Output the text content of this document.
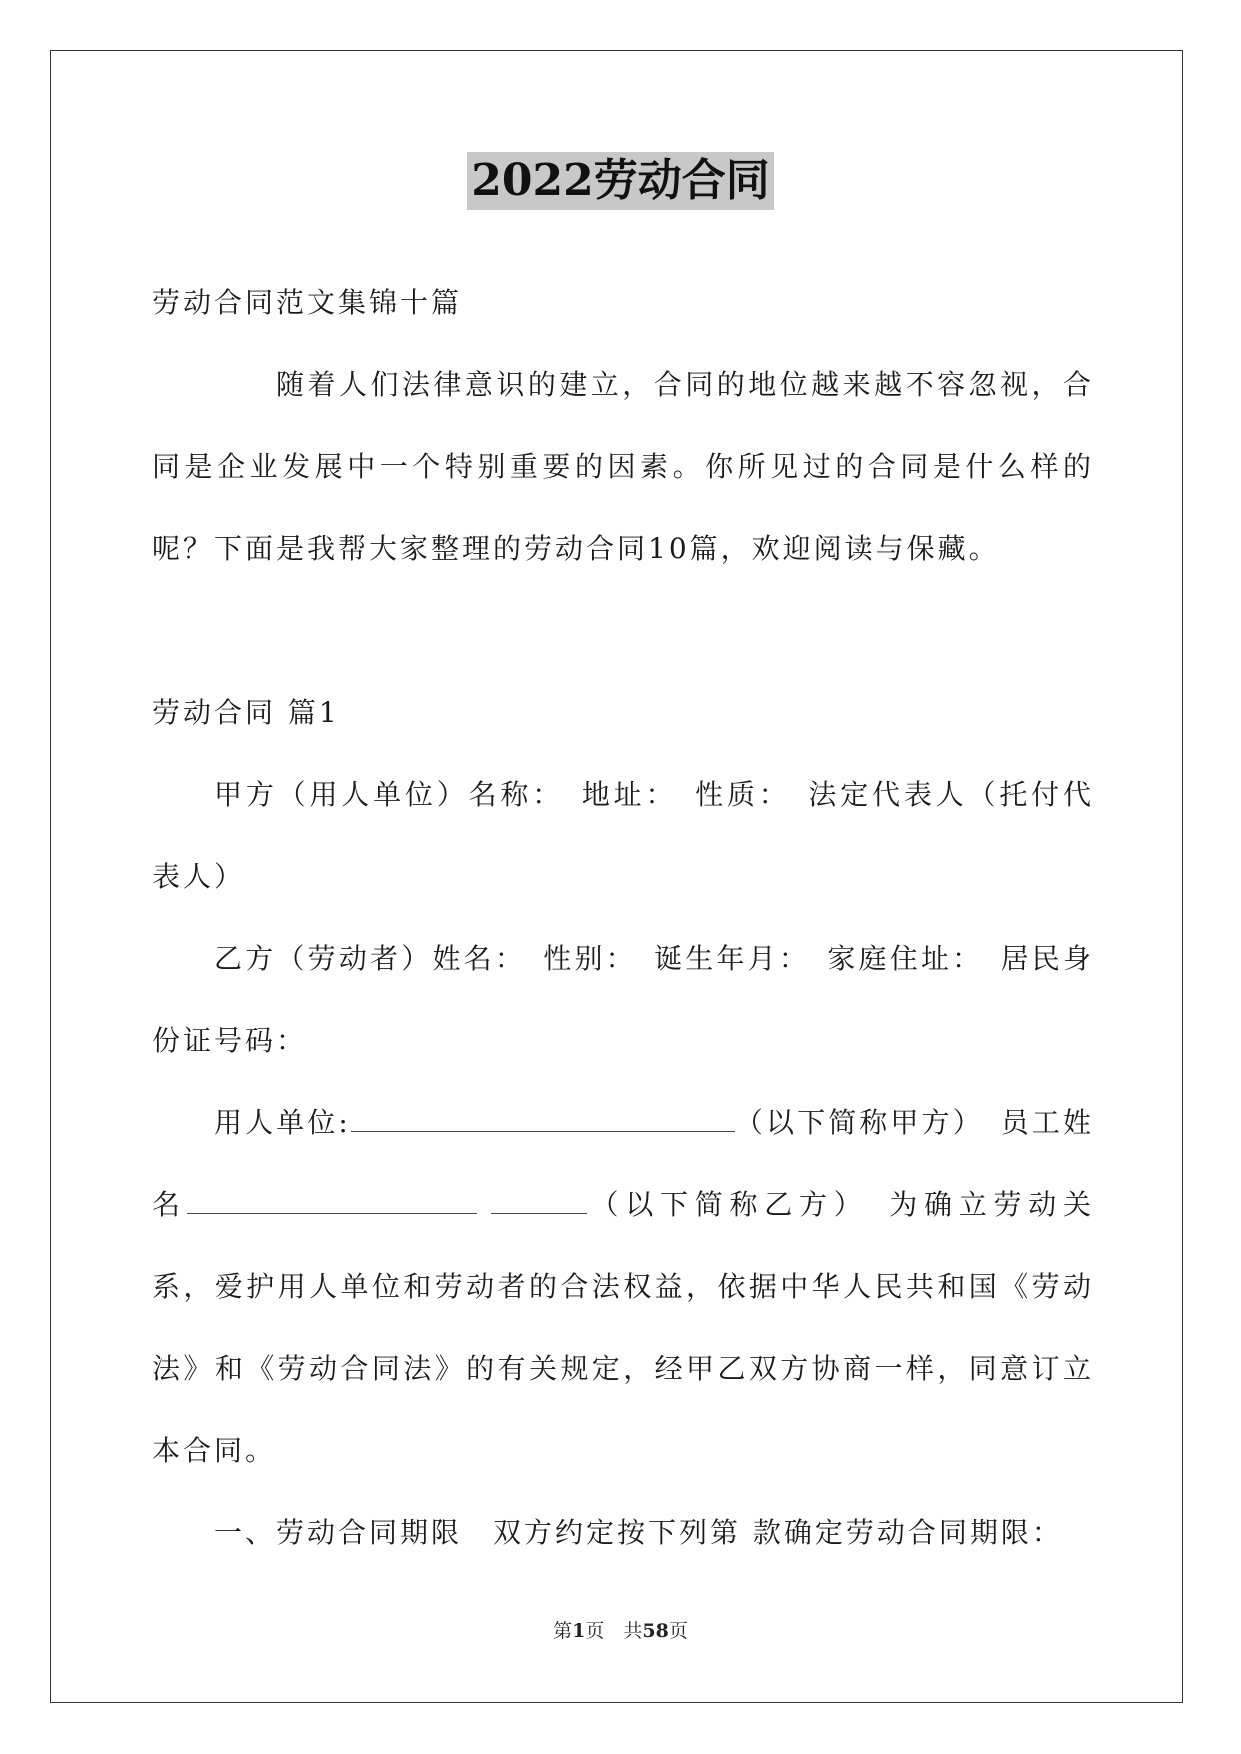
2022劳动合同

劳动合同范文集锦十篇

随着人们法律意识的建立，合同的地位越来越不容忽视，合同是企业发展中一个特别重要的因素。你所见过的合同是什么样的呢？下面是我帮大家整理的劳动合同10篇，欢迎阅读与保藏。

劳动合同 篇1

甲方（用人单位）名称：　地址：　性质：　法定代表人（托付代表人）

乙方（劳动者）姓名：　性别：　诞生年月：　家庭住址：　居民身份证号码：

用人单位:	（以下简称甲方）　员工姓名	（以下简称乙方）　为确立劳动关系，爱护用人单位和劳动者的合法权益，依据中华人民共和国《劳动法》和《劳动合同法》的有关规定，经甲乙双方协商一样，同意订立本合同。

一、劳动合同期限　双方约定按下列第 款确定劳动合同期限：

第1页　共58页
